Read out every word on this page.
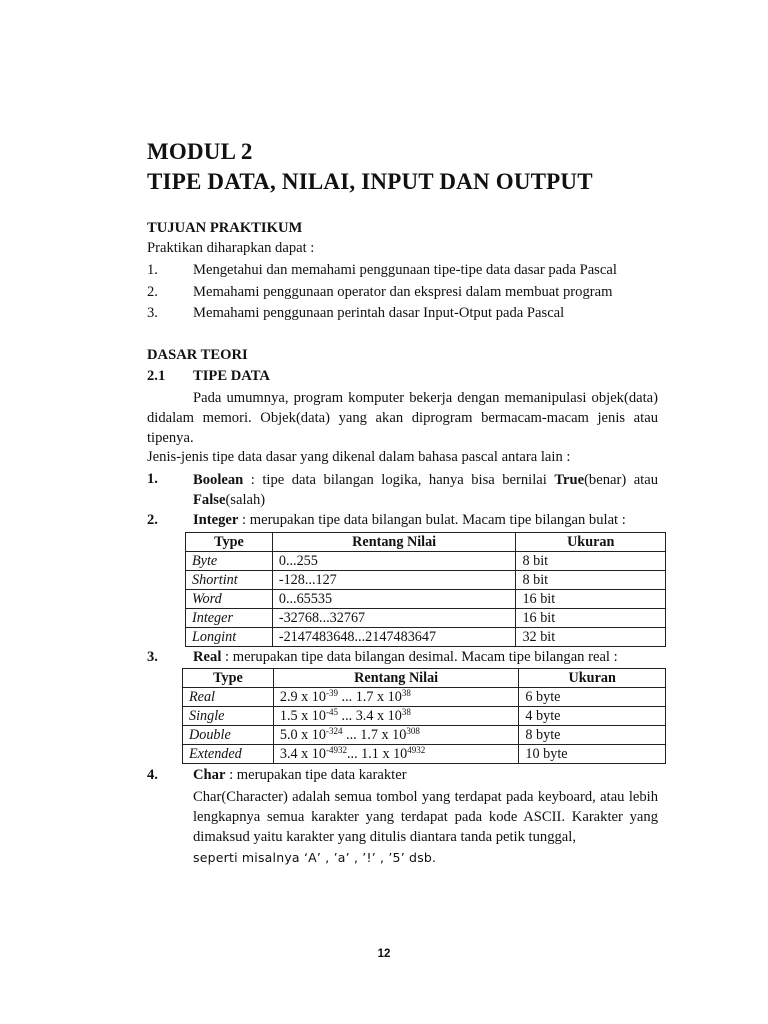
MODUL 2
TIPE DATA, NILAI, INPUT DAN OUTPUT
TUJUAN PRAKTIKUM
Praktikan diharapkan dapat :
1. Mengetahui dan memahami penggunaan tipe-tipe data dasar pada Pascal
2. Memahami penggunaan operator dan ekspresi dalam membuat program
3. Memahami penggunaan perintah dasar Input-Otput pada Pascal
DASAR TEORI
2.1 TIPE DATA
Pada umumnya, program komputer bekerja dengan memanipulasi objek(data) didalam memori. Objek(data) yang akan diprogram bermacam-macam jenis atau tipenya.
Jenis-jenis tipe data dasar yang dikenal dalam bahasa pascal antara lain :
1. Boolean : tipe data bilangan logika, hanya bisa bernilai True(benar) atau False(salah)
2. Integer : merupakan tipe data bilangan bulat. Macam tipe bilangan bulat :
Type	Rentang Nilai	Ukuran
Byte	0...255	8 bit
Shortint	-128...127	8 bit
Word	0...65535	16 bit
Integer	-32768...32767	16 bit
Longint	-2147483648...2147483647	32 bit
3. Real : merupakan tipe data bilangan desimal. Macam tipe bilangan real :
Type	Rentang Nilai	Ukuran
Real	2.9 x $10^{-39}$ ... 1.7 x $10^{38}$	6 byte
Single	1.5 x $10^{-45}$ ... 3.4 x $10^{38}$	4 byte
Double	5.0 x $10^{-324}$ ... 1.7 x $10^{308}$	8 byte
Extended	3.4 x $10^{-4932}$... 1.1 x $10^{4932}$	10 byte
4. Char : merupakan tipe data karakter
Char(Character) adalah semua tombol yang terdapat pada keyboard, atau lebih lengkapnya semua karakter yang terdapat pada kode ASCII. Karakter yang dimaksud yaitu karakter yang ditulis diantara tanda petik tunggal,
seperti misalnya ‘A’ , ’a’ , ’!’ , ’5’ dsb.
12
